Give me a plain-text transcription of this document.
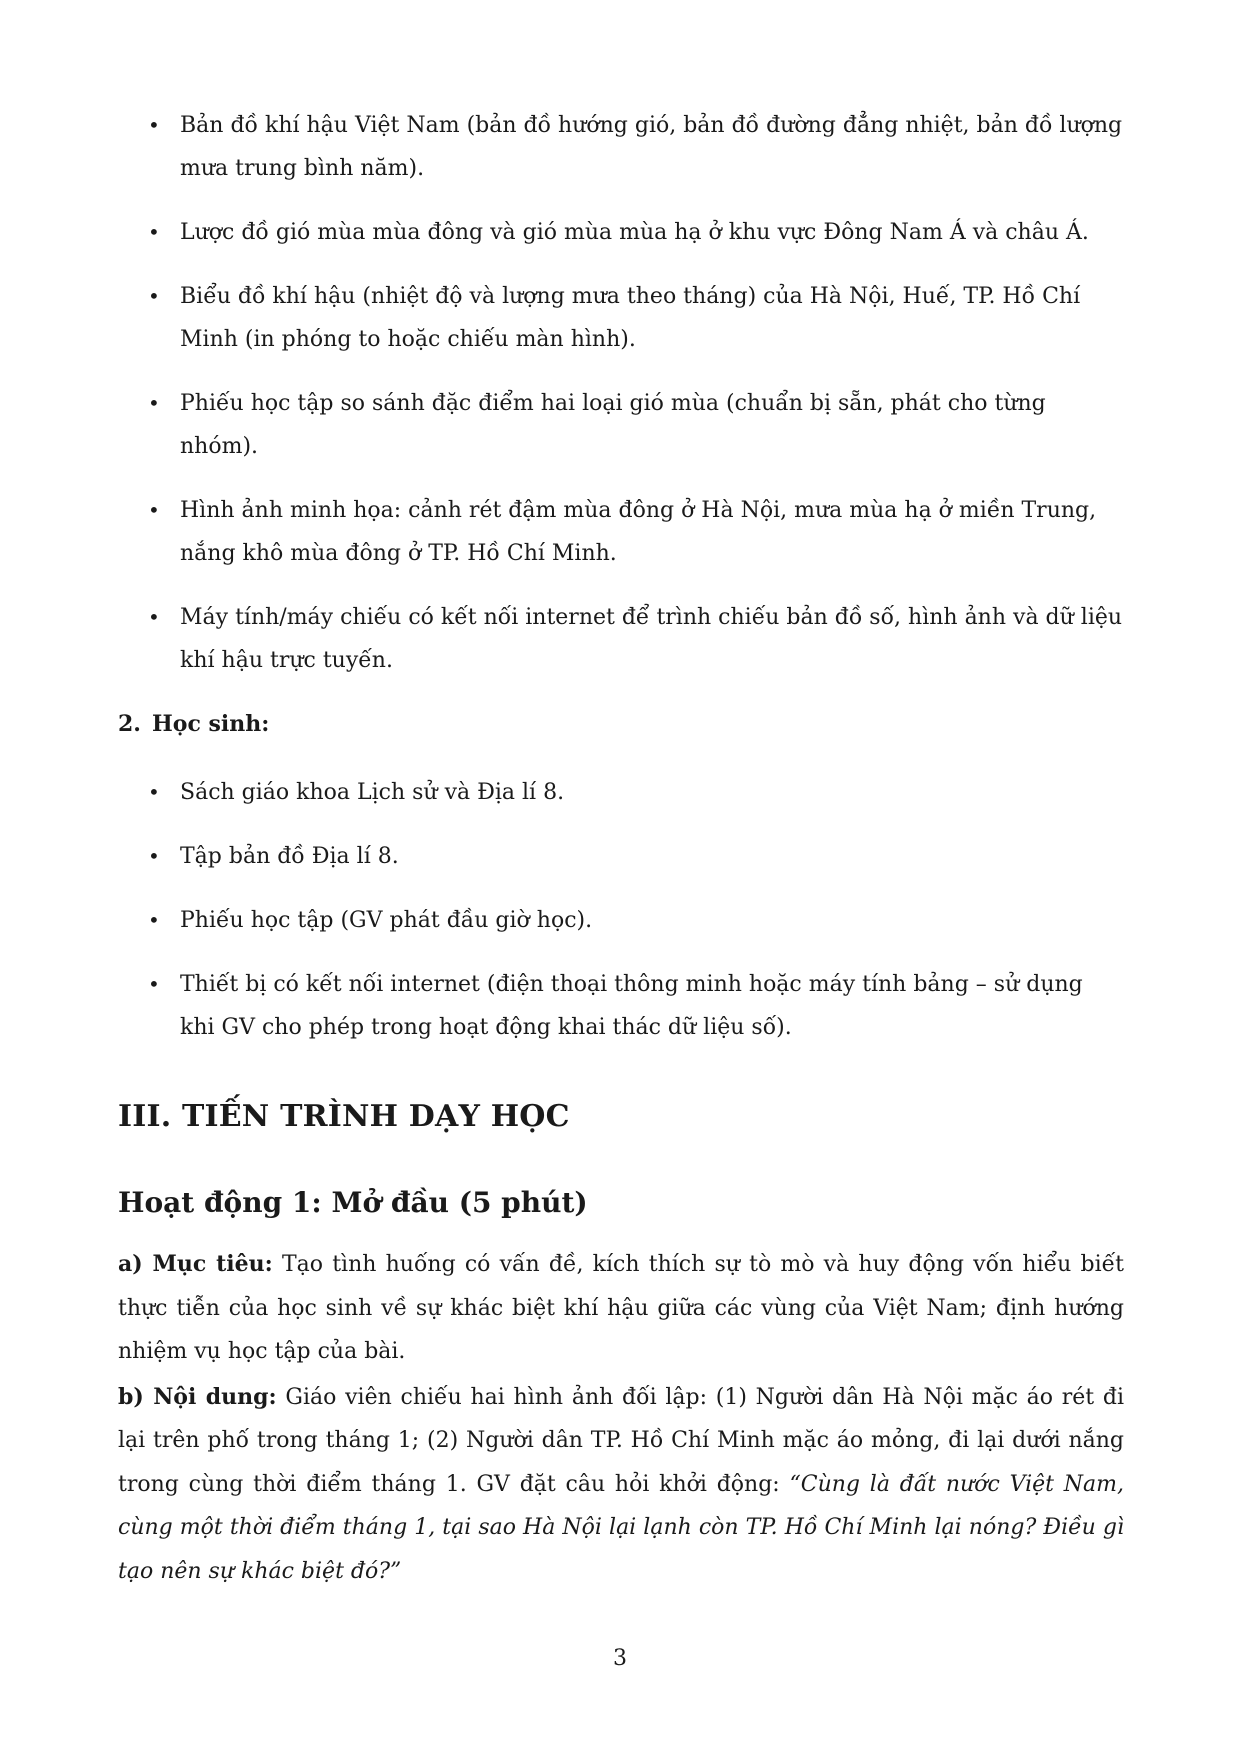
• Bản đồ khí hậu Việt Nam (bản đồ hướng gió, bản đồ đường đẳng nhiệt, bản đồ lượng mưa trung bình năm).
• Lược đồ gió mùa mùa đông và gió mùa mùa hạ ở khu vực Đông Nam Á và châu Á.
• Biểu đồ khí hậu (nhiệt độ và lượng mưa theo tháng) của Hà Nội, Huế, TP. Hồ Chí Minh (in phóng to hoặc chiếu màn hình).
• Phiếu học tập so sánh đặc điểm hai loại gió mùa (chuẩn bị sẵn, phát cho từng nhóm).
• Hình ảnh minh họa: cảnh rét đậm mùa đông ở Hà Nội, mưa mùa hạ ở miền Trung, nắng khô mùa đông ở TP. Hồ Chí Minh.
• Máy tính/máy chiếu có kết nối internet để trình chiếu bản đồ số, hình ảnh và dữ liệu khí hậu trực tuyến.
2. Học sinh:
• Sách giáo khoa Lịch sử và Địa lí 8.
• Tập bản đồ Địa lí 8.
• Phiếu học tập (GV phát đầu giờ học).
• Thiết bị có kết nối internet (điện thoại thông minh hoặc máy tính bảng – sử dụng khi GV cho phép trong hoạt động khai thác dữ liệu số).
III. TIẾN TRÌNH DẠY HỌC
Hoạt động 1: Mở đầu (5 phút)

a) Mục tiêu: Tạo tình huống có vấn đề, kích thích sự tò mò và huy động vốn hiểu biết thực tiễn của học sinh về sự khác biệt khí hậu giữa các vùng của Việt Nam; định hướng nhiệm vụ học tập của bài.

b) Nội dung: Giáo viên chiếu hai hình ảnh đối lập: (1) Người dân Hà Nội mặc áo rét đi lại trên phố trong tháng 1; (2) Người dân TP. Hồ Chí Minh mặc áo mỏng, đi lại dưới nắng trong cùng thời điểm tháng 1. GV đặt câu hỏi khởi động: “Cùng là đất nước Việt Nam, cùng một thời điểm tháng 1, tại sao Hà Nội lại lạnh còn TP. Hồ Chí Minh lại nóng? Điều gì tạo nên sự khác biệt đó?”

3
